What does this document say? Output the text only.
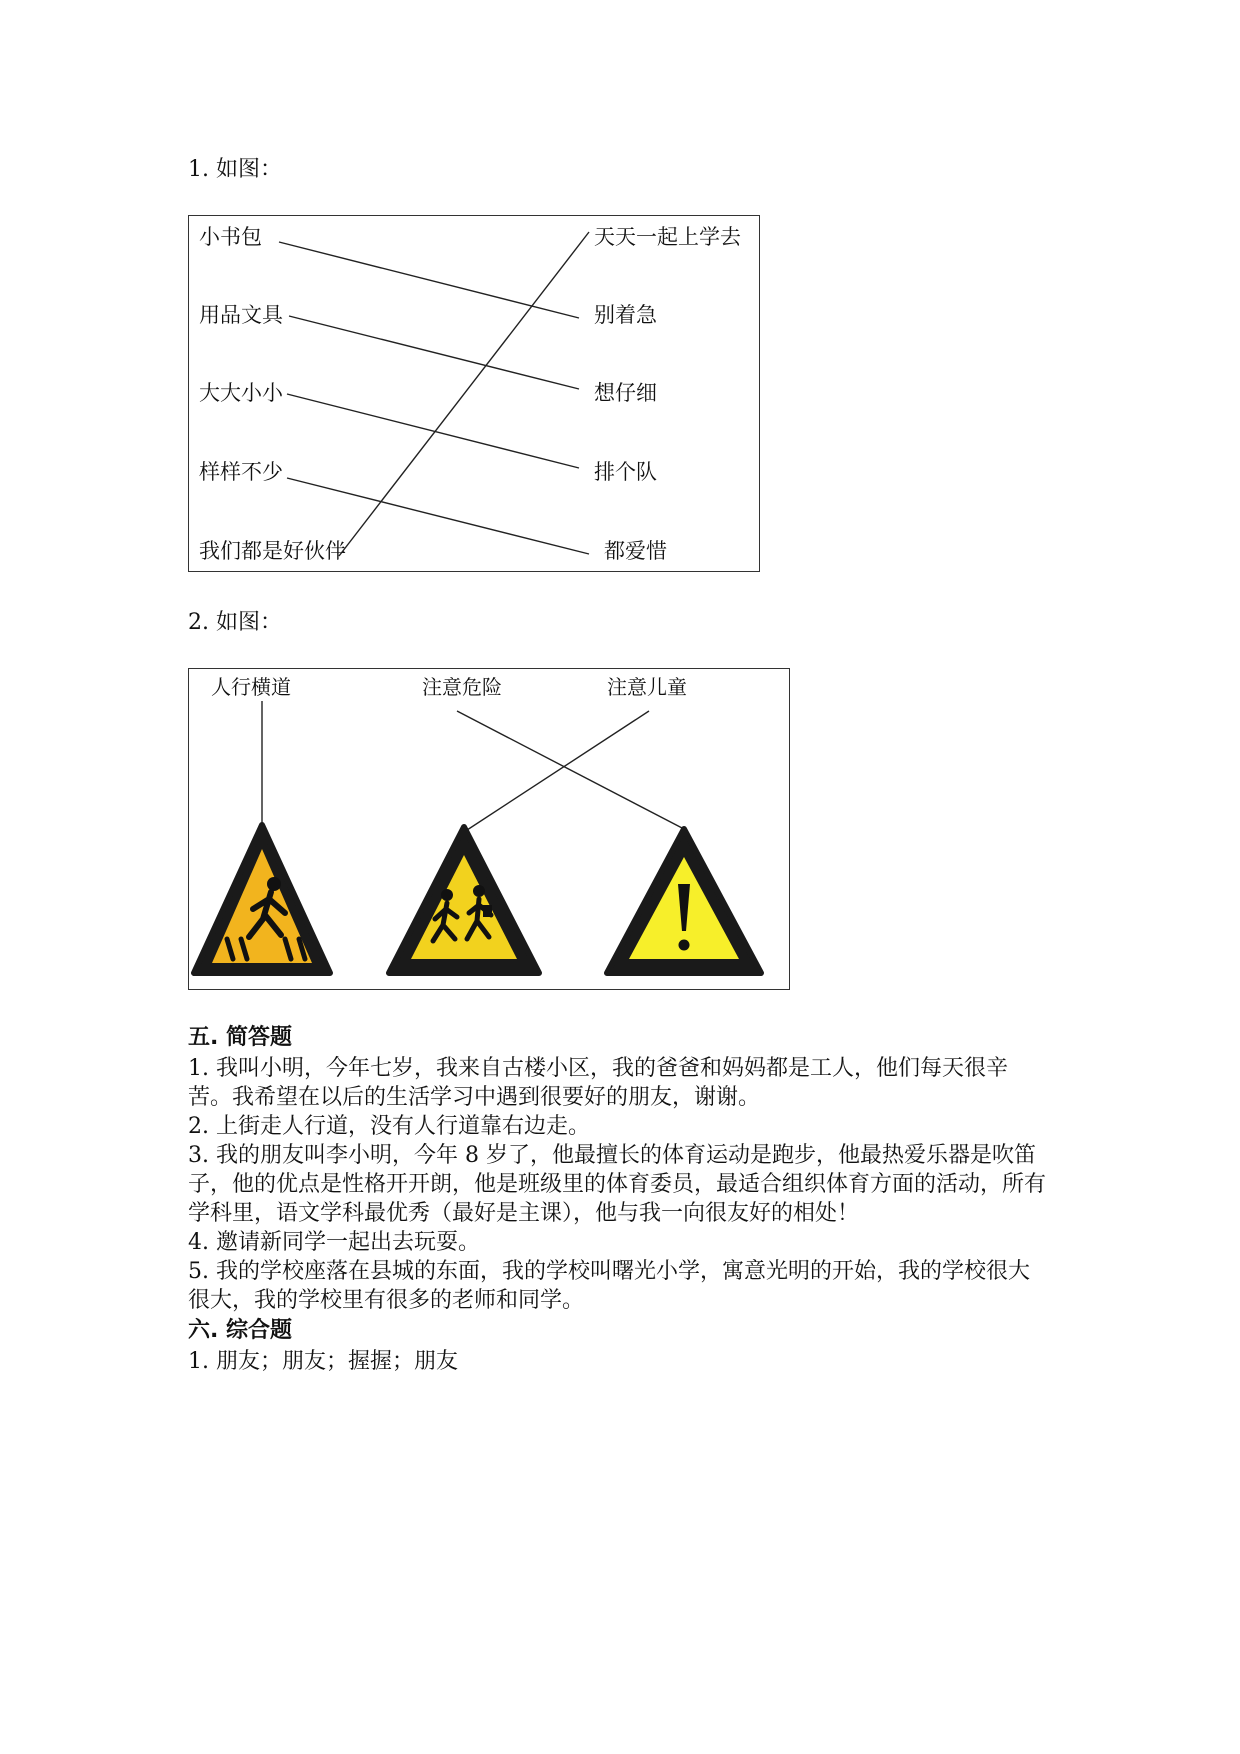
1. 如图：
小书包
用品文具
大大小小
样样不少
我们都是好伙伴
天天一起上学去
别着急
想仔细
排个队
都爱惜
2. 如图：
人行横道	注意危险	注意儿童

五. 简答题

1. 我叫小明，今年七岁，我来自古楼小区，我的爸爸和妈妈都是工人，他们每天很辛苦。我希望在以后的生活学习中遇到很要好的朋友，谢谢。

2. 上街走人行道，没有人行道靠右边走。

3. 我的朋友叫李小明，今年 8 岁了，他最擅长的体育运动是跑步，他最热爱乐器是吹笛子，他的优点是性格开开朗，他是班级里的体育委员，最适合组织体育方面的活动，所有学科里，语文学科最优秀（最好是主课），他与我一向很友好的相处！

4. 邀请新同学一起出去玩耍。

5. 我的学校座落在县城的东面，我的学校叫曙光小学，寓意光明的开始，我的学校很大很大，我的学校里有很多的老师和同学。

六. 综合题

1. 朋友；朋友；握握；朋友
